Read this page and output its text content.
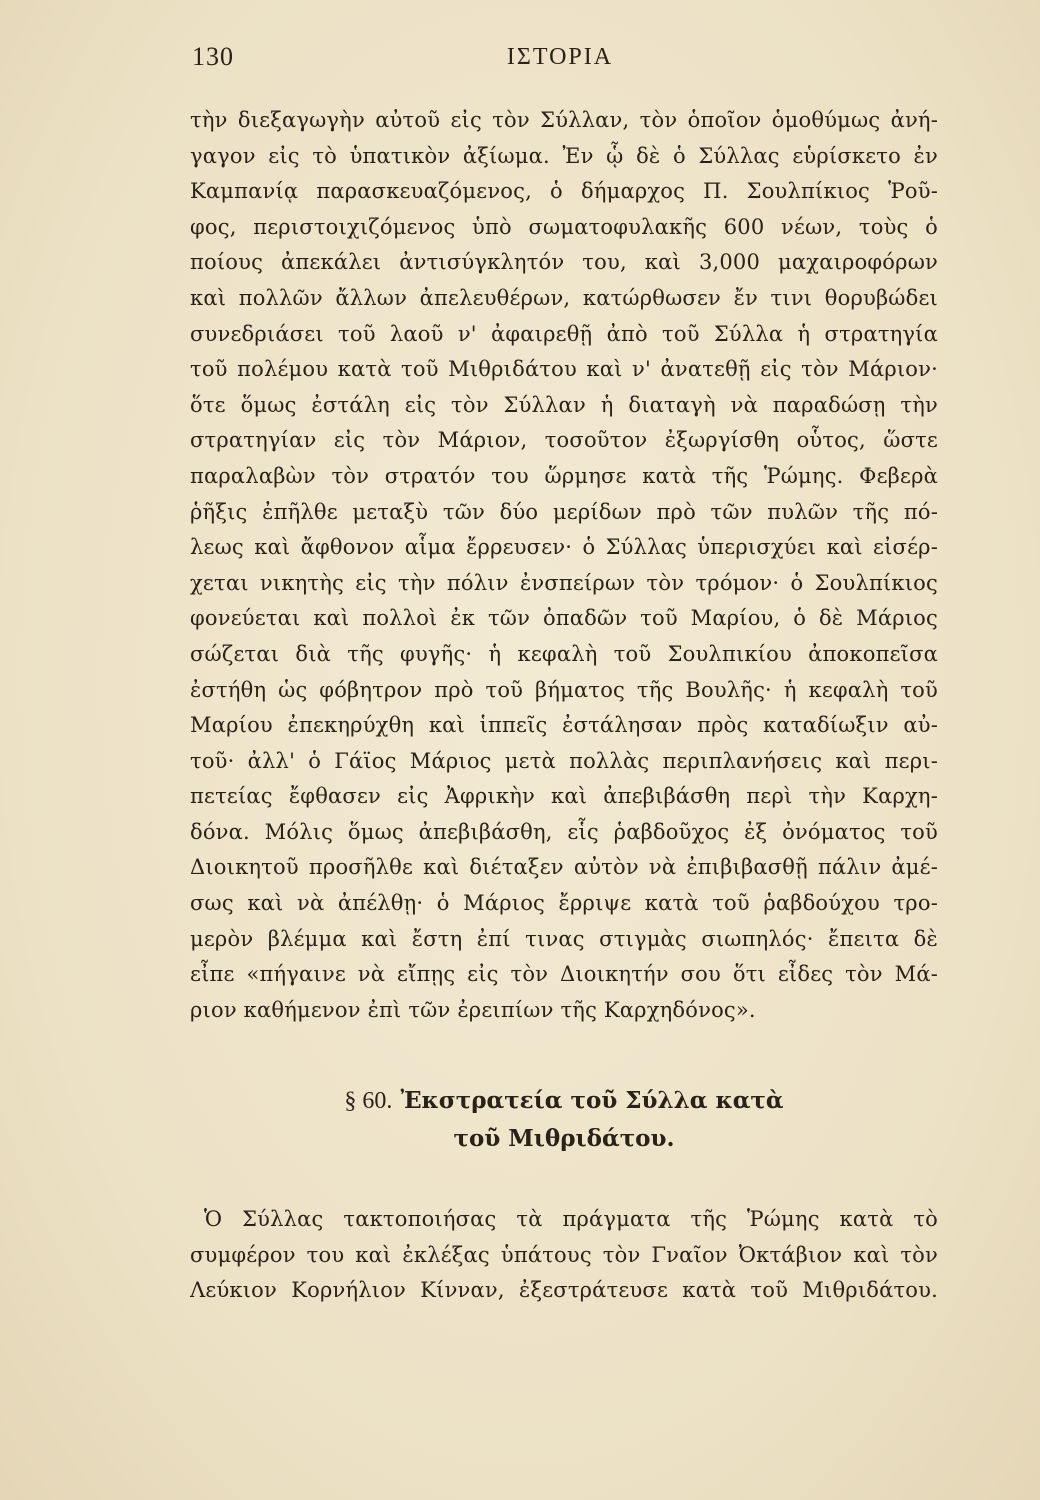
130	ΙΣΤΟΡΙΑ
τὴν διεξαγωγὴν αὐτοῦ εἰς τὸν Σύλλαν, τὸν ὁποῖον ὁμοθύμως ἀνή-
γαγον εἰς τὸ ὑπατικὸν ἀξίωμα. Ἐν ᾧ δὲ ὁ Σύλλας εὑρίσκετο ἐν
Καμπανίᾳ παρασκευαζόμενος, ὁ δήμαρχος Π. Σουλπίκιος Ῥοῦ-
φος, περιστοιχιζόμενος ὑπὸ σωματοφυλακῆς 600 νέων, τοὺς ὁ
ποίους ἀπεκάλει ἀντισύγκλητόν του, καὶ 3,000 μαχαιροφόρων
καὶ πολλῶν ἄλλων ἀπελευθέρων, κατώρθωσεν ἔν τινι θορυβώδει
συνεδριάσει τοῦ λαοῦ ν' ἀφαιρεθῇ ἀπὸ τοῦ Σύλλα ἡ στρατηγία
τοῦ πολέμου κατὰ τοῦ Μιθριδάτου καὶ ν' ἀνατεθῇ εἰς τὸν Μάριον·
ὅτε ὅμως ἐστάλη εἰς τὸν Σύλλαν ἡ διαταγὴ νὰ παραδώσῃ τὴν
στρατηγίαν εἰς τὸν Μάριον, τοσοῦτον ἐξωργίσθη οὗτος, ὥστε
παραλαβὼν τὸν στρατόν του ὥρμησε κατὰ τῆς Ῥώμης. Φεβερὰ
ῥῆξις ἐπῆλθε μεταξὺ τῶν δύο μερίδων πρὸ τῶν πυλῶν τῆς πό-
λεως καὶ ἄφθονον αἷμα ἔρρευσεν· ὁ Σύλλας ὑπερισχύει καὶ εἰσέρ-
χεται νικητὴς εἰς τὴν πόλιν ἐνσπείρων τὸν τρόμον· ὁ Σουλπίκιος
φονεύεται καὶ πολλοὶ ἐκ τῶν ὀπαδῶν τοῦ Μαρίου, ὁ δὲ Μάριος
σώζεται διὰ τῆς φυγῆς· ἡ κεφαλὴ τοῦ Σουλπικίου ἀποκοπεῖσα
ἐστήθη ὡς φόβητρον πρὸ τοῦ βήματος τῆς Βουλῆς· ἡ κεφαλὴ τοῦ
Μαρίου ἐπεκηρύχθη καὶ ἱππεῖς ἐστάλησαν πρὸς καταδίωξιν αὐ-
τοῦ· ἀλλ' ὁ Γάϊος Μάριος μετὰ πολλὰς περιπλανήσεις καὶ περι-
πετείας ἔφθασεν εἰς Ἀφρικὴν καὶ ἀπεβιβάσθη περὶ τὴν Καρχη-
δόνα. Μόλις ὅμως ἀπεβιβάσθη, εἷς ῥαβδοῦχος ἐξ ὀνόματος τοῦ
Διοικητοῦ προσῆλθε καὶ διέταξεν αὐτὸν νὰ ἐπιβιβασθῇ πάλιν ἀμέ-
σως καὶ νὰ ἀπέλθῃ· ὁ Μάριος ἔρριψε κατὰ τοῦ ῥαβδούχου τρο-
μερὸν βλέμμα καὶ ἔστη ἐπί τινας στιγμὰς σιωπηλός· ἔπειτα δὲ
εἶπε «πήγαινε νὰ εἴπῃς εἰς τὸν Διοικητήν σου ὅτι εἶδες τὸν Μά-
ριον καθήμενον ἐπὶ τῶν ἐρειπίων τῆς Καρχηδόνος».
§ 60. Ἐκστρατεία τοῦ Σύλλα κατὰ
τοῦ Μιθριδάτου.
Ὁ Σύλλας τακτοποιήσας τὰ πράγματα τῆς Ῥώμης κατὰ τὸ
συμφέρον του καὶ ἐκλέξας ὑπάτους τὸν Γναῖον Ὀκτάβιον καὶ τὸν
Λεύκιον Κορνήλιον Κίνναν, ἐξεστράτευσε κατὰ τοῦ Μιθριδάτου.
